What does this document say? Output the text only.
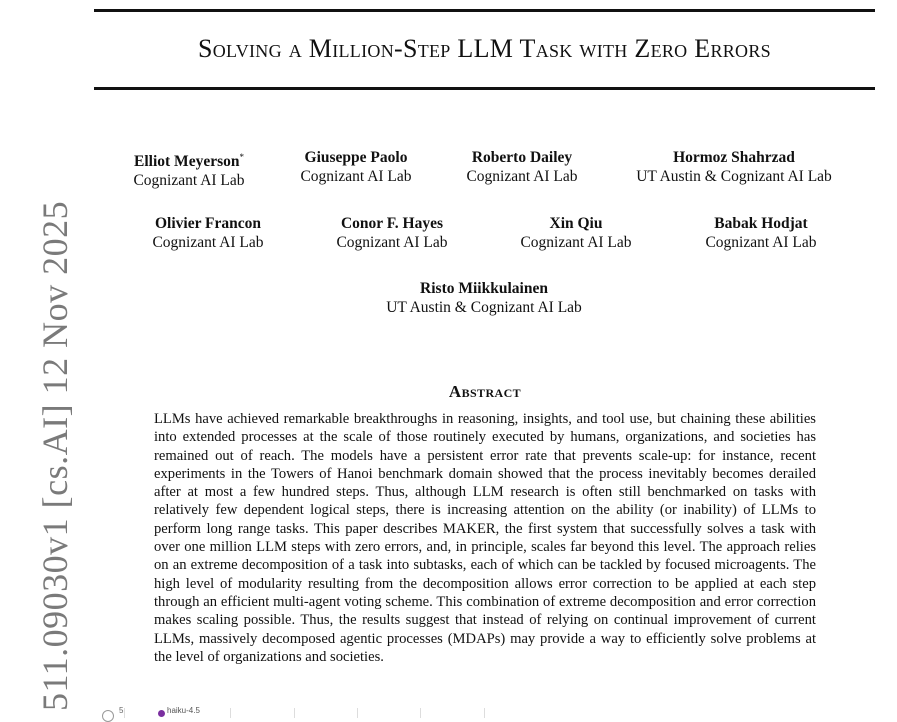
Solving a Million-Step LLM Task with Zero Errors
Elliot Meyerson*
Cognizant AI Lab
Giuseppe Paolo
Cognizant AI Lab
Roberto Dailey
Cognizant AI Lab
Hormoz Shahrzad
UT Austin & Cognizant AI Lab
Olivier Francon
Cognizant AI Lab
Conor F. Hayes
Cognizant AI Lab
Xin Qiu
Cognizant AI Lab
Babak Hodjat
Cognizant AI Lab
Risto Miikkulainen
UT Austin & Cognizant AI Lab
Abstract
LLMs have achieved remarkable breakthroughs in reasoning, insights, and tool use, but chaining these abilities into extended processes at the scale of those routinely executed by humans, organizations, and societies has remained out of reach. The models have a persistent error rate that prevents scale-up: for instance, recent experiments in the Towers of Hanoi benchmark domain showed that the process inevitably becomes derailed after at most a few hundred steps. Thus, although LLM research is often still benchmarked on tasks with relatively few dependent logical steps, there is increasing attention on the ability (or inability) of LLMs to perform long range tasks. This paper describes MAKER, the first system that successfully solves a task with over one million LLM steps with zero errors, and, in principle, scales far beyond this level. The approach relies on an extreme decomposition of a task into subtasks, each of which can be tackled by focused microagents. The high level of modularity resulting from the decomposition allows error correction to be applied at each step through an efficient multi-agent voting scheme. This combination of extreme decomposition and error correction makes scaling possible. Thus, the results suggest that instead of relying on continual improvement of current LLMs, massively decomposed agentic processes (MDAPs) may provide a way to efficiently solve problems at the level of organizations and societies.
511.09030v1 [cs.AI] 12 Nov 2025	5	haiku-4.5
